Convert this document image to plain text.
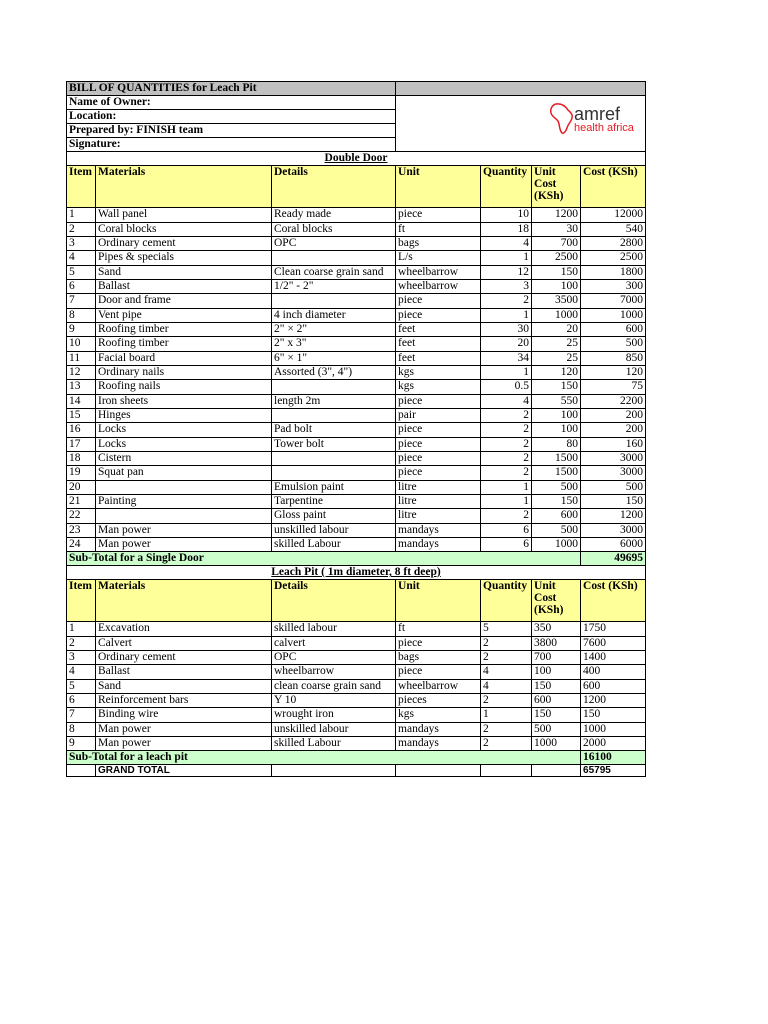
BILL OF QUANTITIES for Leach Pit						
Name of Owner:						
Location:						
Prepared by: FINISH team						
Signature:						
Double Door						
Item	Materials	Details	Unit	Quantity	Unit Cost (KSh)	Cost (KSh)
1	Wall panel	Ready made	piece	10	1200	12000
2	Coral blocks	Coral blocks	ft	18	30	540
3	Ordinary cement	OPC	bags	4	700	2800
4	Pipes & specials		L/s	1	2500	2500
5	Sand	Clean coarse grain sand	wheelbarrow	12	150	1800
6	Ballast	1/2" - 2"	wheelbarrow	3	100	300
7	Door and frame		piece	2	3500	7000
8	Vent pipe	4 inch diameter	piece	1	1000	1000
9	Roofing timber	2" × 2"	feet	30	20	600
10	Roofing timber	2" x 3"	feet	20	25	500
11	Facial board	6" × 1"	feet	34	25	850
12	Ordinary nails	Assorted (3", 4")	kgs	1	120	120
13	Roofing nails		kgs	0.5	150	75
14	Iron sheets	length 2m	piece	4	550	2200
15	Hinges		pair	2	100	200
16	Locks	Pad bolt	piece	2	100	200
17	Locks	Tower bolt	piece	2	80	160
18	Cistern		piece	2	1500	3000
19	Squat pan		piece	2	1500	3000
20		Emulsion paint	litre	1	500	500
21	Painting	Tarpentine	litre	1	150	150
22		Gloss paint	litre	2	600	1200
23	Man power	unskilled labour	mandays	6	500	3000
24	Man power	skilled Labour	mandays	6	1000	6000
Sub-Total for a Single Door						49695
Leach Pit ( 1m diameter, 8 ft deep)						
Item	Materials	Details	Unit	Quantity	Unit Cost (KSh)	Cost (KSh)
1	Excavation	skilled labour	ft	5	350	1750
2	Calvert	calvert	piece	2	3800	7600
3	Ordinary cement	OPC	bags	2	700	1400
4	Ballast	wheelbarrow	piece	4	100	400
5	Sand	clean coarse grain sand	wheelbarrow	4	150	600
6	Reinforcement bars	Y 10	pieces	2	600	1200
7	Binding wire	wrought iron	kgs	1	150	150
8	Man power	unskilled labour	mandays	2	500	1000
9	Man power	skilled Labour	mandays	2	1000	2000
Sub-Total for a leach pit						16100
	GRAND TOTAL					65795
amref
health africa
